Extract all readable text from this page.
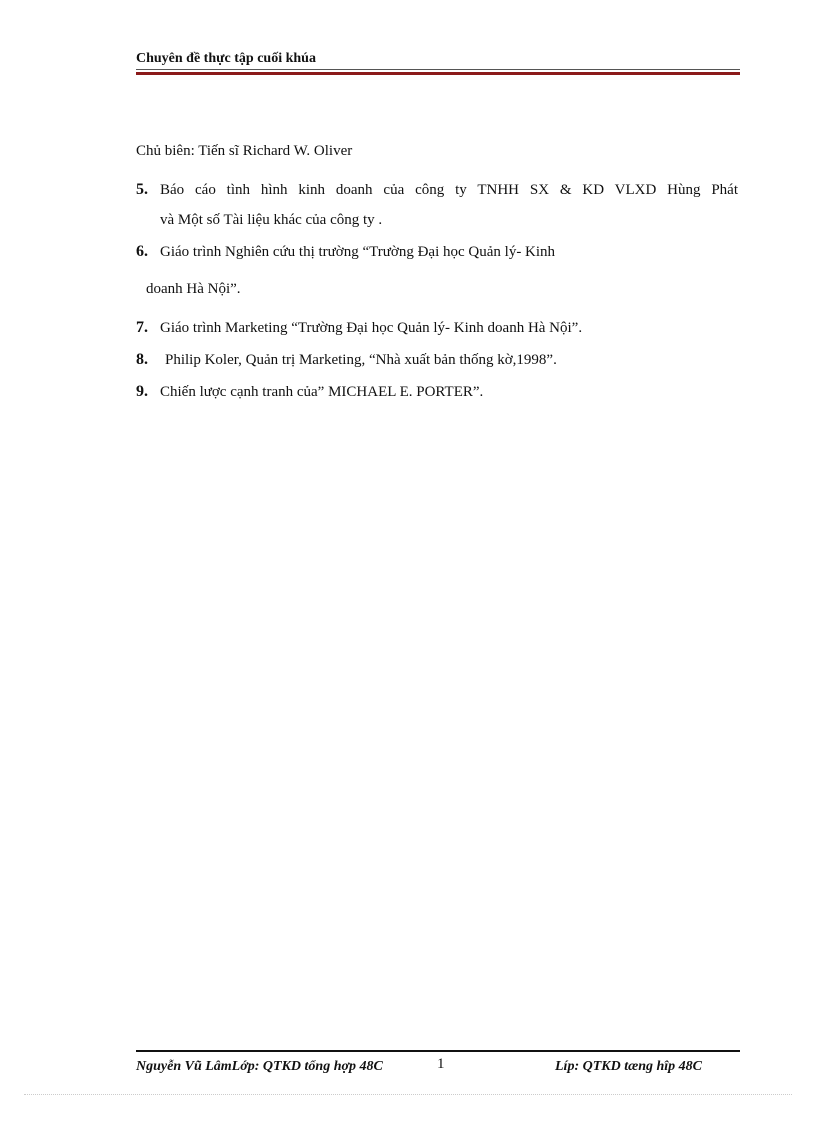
Chuyên đề thực tập cuối khúa
Chủ biên: Tiến sĩ Richard W. Oliver
5. Báo cáo tình hình kinh doanh của công ty TNHH SX & KD VLXD Hùng Phát
và Một số Tài liệu khác của công ty .
6. Giáo trình Nghiên cứu thị trường “Trường Đại học Quản lý- Kinh
doanh Hà Nội”.
7. Giáo trình Marketing “Trường Đại học Quản lý- Kinh doanh Hà Nội”.
8. Philip Koler, Quản trị Marketing, “Nhà xuất bản thống kờ,1998”.
9. Chiến lược cạnh tranh của” MICHAEL E. PORTER”.
Nguyễn Vũ LâmLớp: QTKD tổng hợp 48C	1	Líp: QTKD tæng hîp 48C
